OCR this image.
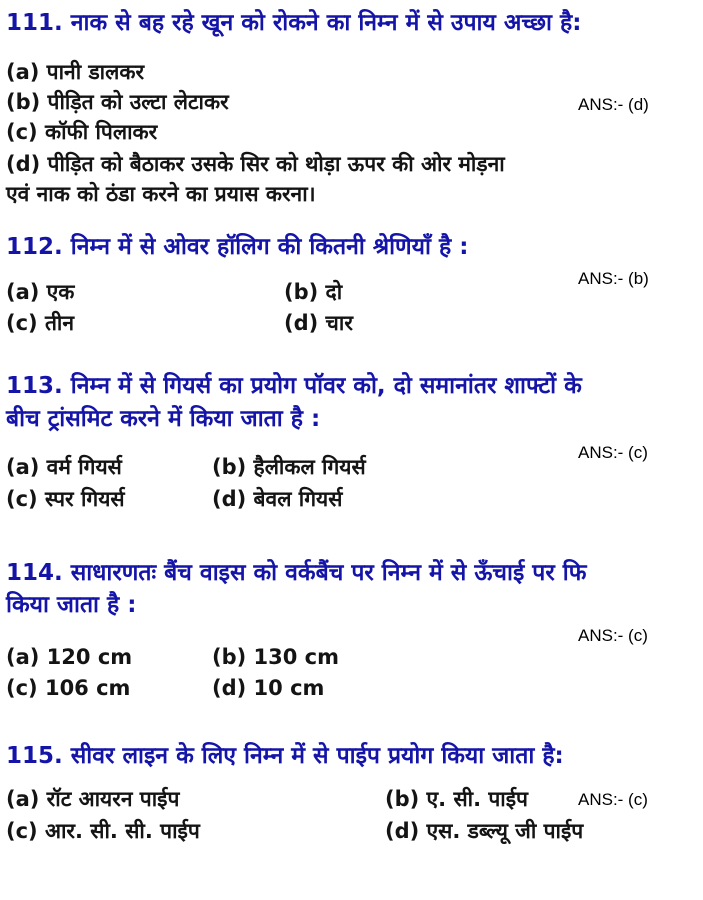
111. नाक से बह रहे खून को रोकने का निम्न में से उपाय अच्छा है:
(a) पानी डालकर
(b) पीड़ित को उल्टा लेटाकर	ANS:- (d)
(c) कॉफी पिलाकर
(d) पीड़ित को बैठाकर उसके सिर को थोड़ा ऊपर की ओर मोड़ना
एवं नाक को ठंडा करने का प्रयास करना।
112. निम्न में से ओवर हॉलिग की कितनी श्रेणियाँ है :
(a) एक	(b) दो
ANS:- (b)
(c) तीन	(d) चार
113. निम्न में से गियर्स का प्रयोग पॉवर को, दो समानांतर शाफ्टों के
बीच ट्रांसमिट करने में किया जाता है :
ANS:- (c)
(a) वर्म गियर्स	(b) हैलीकल गियर्स
(c) स्पर गियर्स	(d) बेवल गियर्स
114. साधारणतः बैंच वाइस को वर्कबैंच पर निम्न में से ऊँचाई पर फि
किया जाता है :
ANS:- (c)
(a) 120 cm	(b) 130 cm
(c) 106 cm	(d) 10 cm
115. सीवर लाइन के लिए निम्न में से पाईप प्रयोग किया जाता है:
(a) रॉट आयरन पाईप	(b) ए. सी. पाईप	ANS:- (c)
(c) आर. सी. सी. पाईप	(d) एस. डब्ल्यू जी पाईप
